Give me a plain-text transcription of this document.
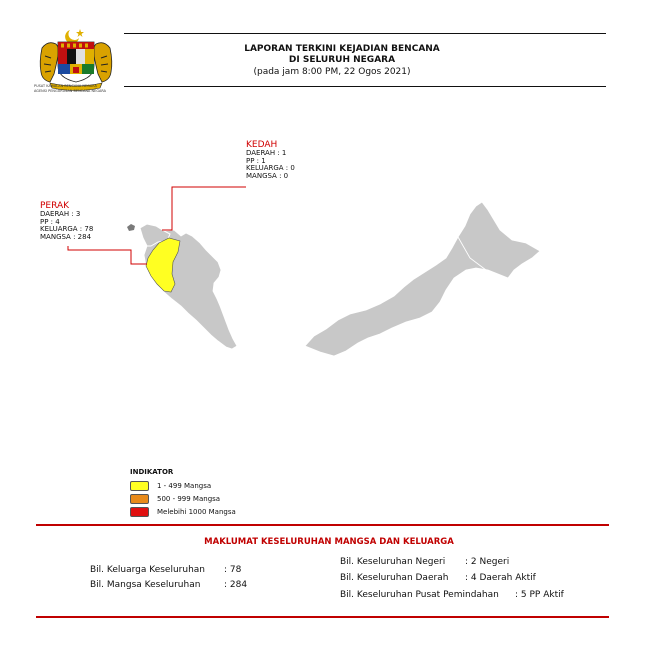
PUSAT KAWALAN BENCANA NEGARA
AGENSI PENGURUSAN BENCANA NEGARA
LAPORAN TERKINI KEJADIAN BENCANA
DI SELURUH NEGARA
(pada jam 8:00 PM, 22 Ogos 2021)
KEDAH
DAERAH : 1
PP : 1
KELUARGA : 0
MANGSA : 0
PERAK
DAERAH : 3
PP : 4
KELUARGA : 78
MANGSA : 284
INDIKATOR
1 - 499 Mangsa
500 - 999 Mangsa
Melebihi 1000 Mangsa
MAKLUMAT KESELURUHAN MANGSA DAN KELUARGA
Bil. Keluarga Keseluruhan : 78
Bil. Mangsa Keseluruhan	: 284
Bil. Keseluruhan Negeri : 2 Negeri
Bil. Keseluruhan Daerah : 4 Daerah Aktif
Bil. Keseluruhan Pusat Pemindahan : 5 PP Aktif
